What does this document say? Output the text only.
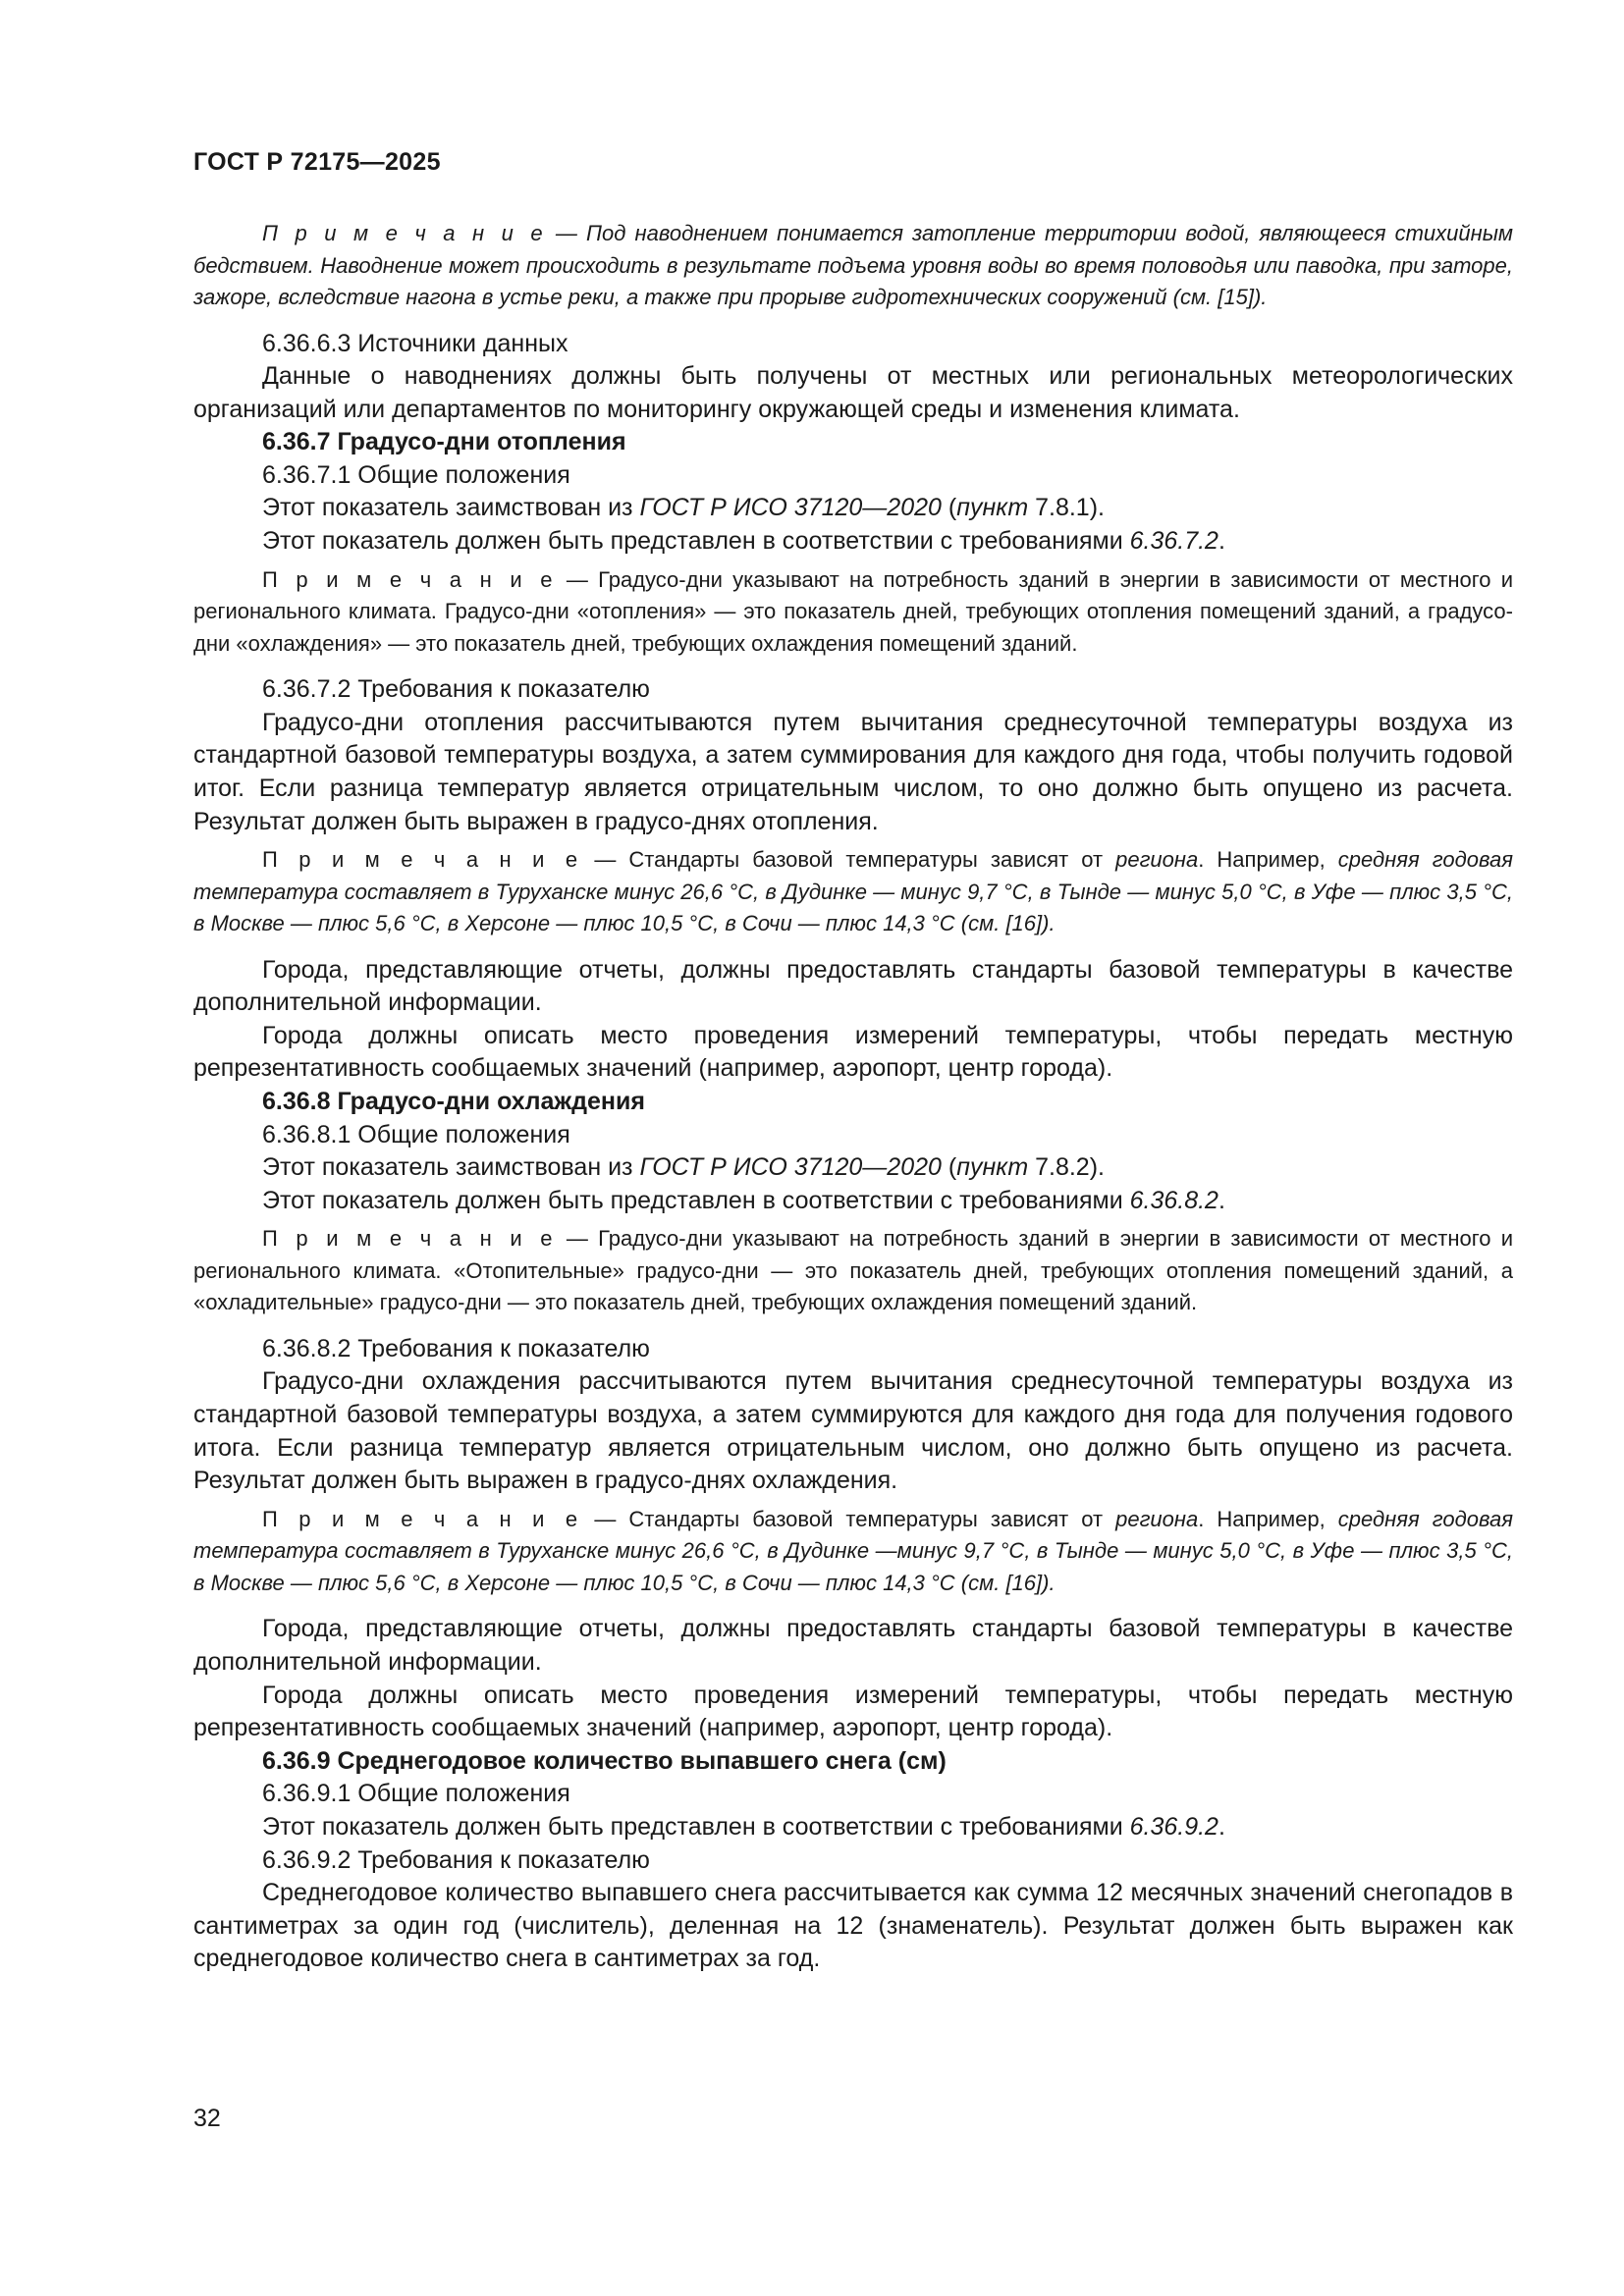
ГОСТ Р 72175—2025

П р и м е ч а н и е — Под наводнением понимается затопление территории водой, являющееся стихийным бедствием. Наводнение может происходить в результате подъема уровня воды во время половодья или паводка, при заторе, зажоре, вследствие нагона в устье реки, а также при прорыве гидротехнических сооружений (см. [15]).

6.36.6.3 Источники данных

Данные о наводнениях должны быть получены от местных или региональных метеорологических организаций или департаментов по мониторингу окружающей среды и изменения климата.

6.36.7 Градусо-дни отопления

6.36.7.1 Общие положения

Этот показатель заимствован из ГОСТ Р ИСО 37120—2020 (пункт 7.8.1).

Этот показатель должен быть представлен в соответствии с требованиями 6.36.7.2.

П р и м е ч а н и е — Градусо-дни указывают на потребность зданий в энергии в зависимости от местного и регионального климата. Градусо-дни «отопления» — это показатель дней, требующих отопления помещений зданий, а градусо-дни «охлаждения» — это показатель дней, требующих охлаждения помещений зданий.

6.36.7.2 Требования к показателю

Градусо-дни отопления рассчитываются путем вычитания среднесуточной температуры воздуха из стандартной базовой температуры воздуха, а затем суммирования для каждого дня года, чтобы получить годовой итог. Если разница температур является отрицательным числом, то оно должно быть опущено из расчета. Результат должен быть выражен в градусо-днях отопления.

П р и м е ч а н и е — Стандарты базовой температуры зависят от региона. Например, средняя годовая температура составляет в Туруханске минус 26,6 °С, в Дудинке — минус 9,7 °С, в Тынде — минус 5,0 °С, в Уфе — плюс 3,5 °С, в Москве — плюс 5,6 °С, в Херсоне — плюс 10,5 °С, в Сочи — плюс 14,3 °С (см. [16]).

Города, представляющие отчеты, должны предоставлять стандарты базовой температуры в качестве дополнительной информации.

Города должны описать место проведения измерений температуры, чтобы передать местную репрезентативность сообщаемых значений (например, аэропорт, центр города).

6.36.8 Градусо-дни охлаждения

6.36.8.1 Общие положения

Этот показатель заимствован из ГОСТ Р ИСО 37120—2020 (пункт 7.8.2).

Этот показатель должен быть представлен в соответствии с требованиями 6.36.8.2.

П р и м е ч а н и е — Градусо-дни указывают на потребность зданий в энергии в зависимости от местного и регионального климата. «Отопительные» градусо-дни — это показатель дней, требующих отопления помещений зданий, а «охладительные» градусо-дни — это показатель дней, требующих охлаждения помещений зданий.

6.36.8.2 Требования к показателю

Градусо-дни охлаждения рассчитываются путем вычитания среднесуточной температуры воздуха из стандартной базовой температуры воздуха, а затем суммируются для каждого дня года для получения годового итога. Если разница температур является отрицательным числом, оно должно быть опущено из расчета. Результат должен быть выражен в градусо-днях охлаждения.

П р и м е ч а н и е — Стандарты базовой температуры зависят от региона. Например, средняя годовая температура составляет в Туруханске минус 26,6 °С, в Дудинке —минус 9,7 °С, в Тынде — минус 5,0 °С, в Уфе — плюс 3,5 °С, в Москве — плюс 5,6 °С, в Херсоне — плюс 10,5 °С, в Сочи — плюс 14,3 °С (см. [16]).

Города, представляющие отчеты, должны предоставлять стандарты базовой температуры в качестве дополнительной информации.

Города должны описать место проведения измерений температуры, чтобы передать местную репрезентативность сообщаемых значений (например, аэропорт, центр города).

6.36.9 Среднегодовое количество выпавшего снега (см)

6.36.9.1 Общие положения

Этот показатель должен быть представлен в соответствии с требованиями 6.36.9.2.

6.36.9.2 Требования к показателю

Среднегодовое количество выпавшего снега рассчитывается как сумма 12 месячных значений снегопадов в сантиметрах за один год (числитель), деленная на 12 (знаменатель). Результат должен быть выражен как среднегодовое количество снега в сантиметрах за год.

32
